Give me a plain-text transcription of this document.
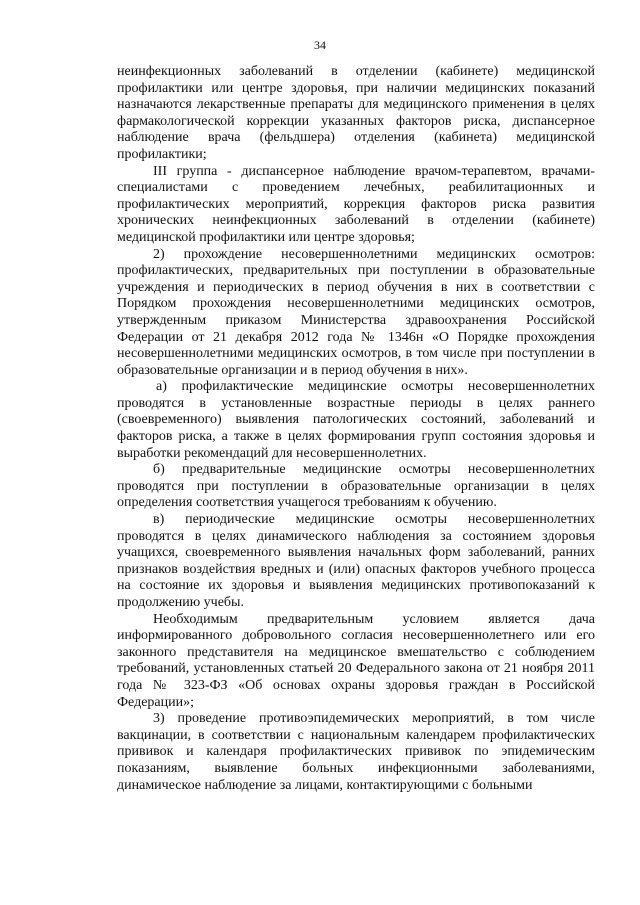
34

неинфекционных заболеваний в отделении (кабинете) медицинской профилактики или центре здоровья, при наличии медицинских показаний назначаются лекарственные препараты для медицинского применения в целях фармакологической коррекции указанных факторов риска, диспансерное наблюдение врача (фельдшера) отделения (кабинета) медицинской профилактики;

III группа - диспансерное наблюдение врачом-терапевтом, врачами-специалистами с проведением лечебных, реабилитационных и профилактических мероприятий, коррекция факторов риска развития хронических неинфекционных заболеваний в отделении (кабинете) медицинской профилактики или центре здоровья;

2) прохождение несовершеннолетними медицинских осмотров: профилактических, предварительных при поступлении в образовательные учреждения и периодических в период обучения в них в соответствии с Порядком прохождения несовершеннолетними медицинских осмотров, утвержденным приказом Министерства здравоохранения Российской Федерации от 21 декабря 2012 года № 1346н «О Порядке прохождения несовершеннолетними медицинских осмотров, в том числе при поступлении в образовательные организации и в период обучения в них».

а) профилактические медицинские осмотры несовершеннолетних проводятся в установленные возрастные периоды в целях раннего (своевременного) выявления патологических состояний, заболеваний и факторов риска, а также в целях формирования групп состояния здоровья и выработки рекомендаций для несовершеннолетних.

б) предварительные медицинские осмотры несовершеннолетних проводятся при поступлении в образовательные организации в целях определения соответствия учащегося требованиям к обучению.

в) периодические медицинские осмотры несовершеннолетних проводятся в целях динамического наблюдения за состоянием здоровья учащихся, своевременного выявления начальных форм заболеваний, ранних признаков воздействия вредных и (или) опасных факторов учебного процесса на состояние их здоровья и выявления медицинских противопоказаний к продолжению учебы.

Необходимым предварительным условием является дача информированного добровольного согласия несовершеннолетнего или его законного представителя на медицинское вмешательство с соблюдением требований, установленных статьей 20 Федерального закона от 21 ноября 2011 года № 323-ФЗ «Об основах охраны здоровья граждан в Российской Федерации»;

3) проведение противоэпидемических мероприятий, в том числе вакцинации, в соответствии с национальным календарем профилактических прививок и календаря профилактических прививок по эпидемическим показаниям, выявление больных инфекционными заболеваниями, динамическое наблюдение за лицами, контактирующими с больными
